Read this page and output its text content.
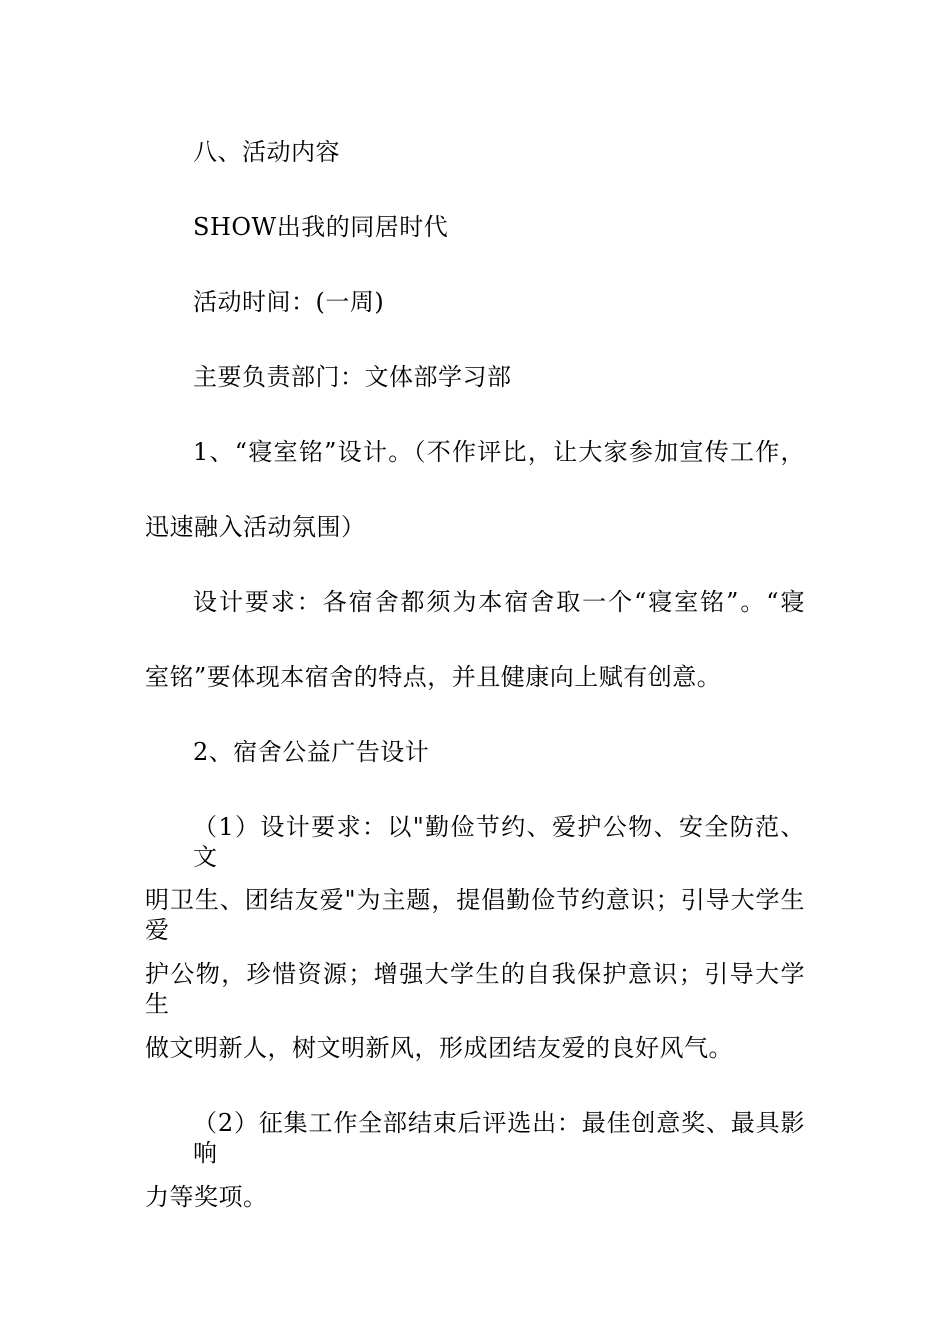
八、活动内容
SHOW出我的同居时代
活动时间：(一周)
主要负责部门：文体部学习部
1、“寝室铭”设计。（不作评比，让大家参加宣传工作，
迅速融入活动氛围）
设计要求：各宿舍都须为本宿舍取一个“寝室铭”。“寝
室铭”要体现本宿舍的特点，并且健康向上赋有创意。
2、宿舍公益广告设计
（1）设计要求：以"勤俭节约、爱护公物、安全防范、文
明卫生、团结友爱"为主题，提倡勤俭节约意识；引导大学生爱
护公物，珍惜资源；增强大学生的自我保护意识；引导大学生
做文明新人，树文明新风，形成团结友爱的良好风气。
（2）征集工作全部结束后评选出：最佳创意奖、最具影响
力等奖项。
